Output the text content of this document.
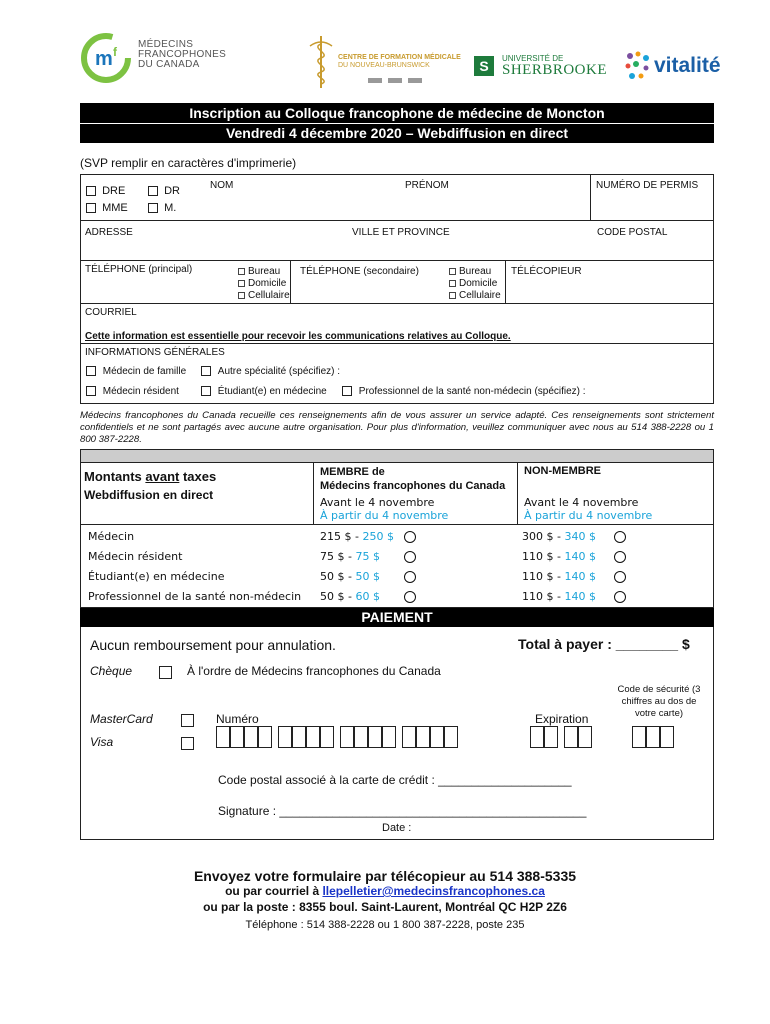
m f
MÉDECINS
FRANCOPHONES
DU CANADA
CENTRE DE FORMATION MÉDICALE
DU NOUVEAU-BRUNSWICK	S	UNIVERSITÉ DE
SHERBROOKE vitalité
Inscription au Colloque francophone de médecine de Moncton
Vendredi 4 décembre 2020 – Webdiffusion en direct
(SVP remplir en caractères d'imprimerie)
DRE	DR
MME	M.
NOM	PRÉNOM	NUMÉRO DE PERMIS
ADRESSE	VILLE ET PROVINCE	CODE POSTAL
TÉLÉPHONE (principal)	Bureau
Domicile
Cellulaire
TÉLÉPHONE (secondaire)	Bureau
Domicile
Cellulaire
TÉLÉCOPIEUR
COURRIEL
Cette information est essentielle pour recevoir les communications relatives au Colloque.
INFORMATIONS GÉNÉRALES
Médecin de famille	Autre spécialité (spécifiez) :
Médecin résident	Étudiant(e) en médecine	Professionnel de la santé non-médecin (spécifiez) :
Médecins francophones du Canada recueille ces renseignements afin de vous assurer un service adapté. Ces renseignements sont strictement confidentiels et ne sont partagés avec aucune autre organisation. Pour plus d'information, veuillez communiquer avec nous au 514 388-2228 ou 1 800 387-2228.
Montants avant taxes
Webdiffusion en direct
MEMBRE de
Médecins francophones du Canada
Avant le 4 novembre
À partir du 4 novembre
NON-MEMBRE
Avant le 4 novembre
À partir du 4 novembre
Médecin	215 $ - 250 $	300 $ - 340 $
Médecin résident	75 $ - 75 $	110 $ - 140 $
Étudiant(e) en médecine	50 $ - 50 $	110 $ - 140 $
Professionnel de la santé non-médecin 50 $ - 60 $	110 $ - 140 $
PAIEMENT
Aucun remboursement pour annulation.	Total à payer : ________ $
Chèque	À l'ordre de Médecins francophones du Canada
Code de sécurité (3 chiffres au dos de votre carte)
MasterCard
Visa
Numéro	Expiration
Code postal associé à la carte de crédit : ____________________
Signature : ______________________________________________
Date :
Envoyez votre formulaire par télécopieur au 514 388-5335
ou par courriel à llepelletier@medecinsfrancophones.ca
ou par la poste : 8355 boul. Saint-Laurent, Montréal QC H2P 2Z6
Téléphone : 514 388-2228 ou 1 800 387-2228, poste 235
